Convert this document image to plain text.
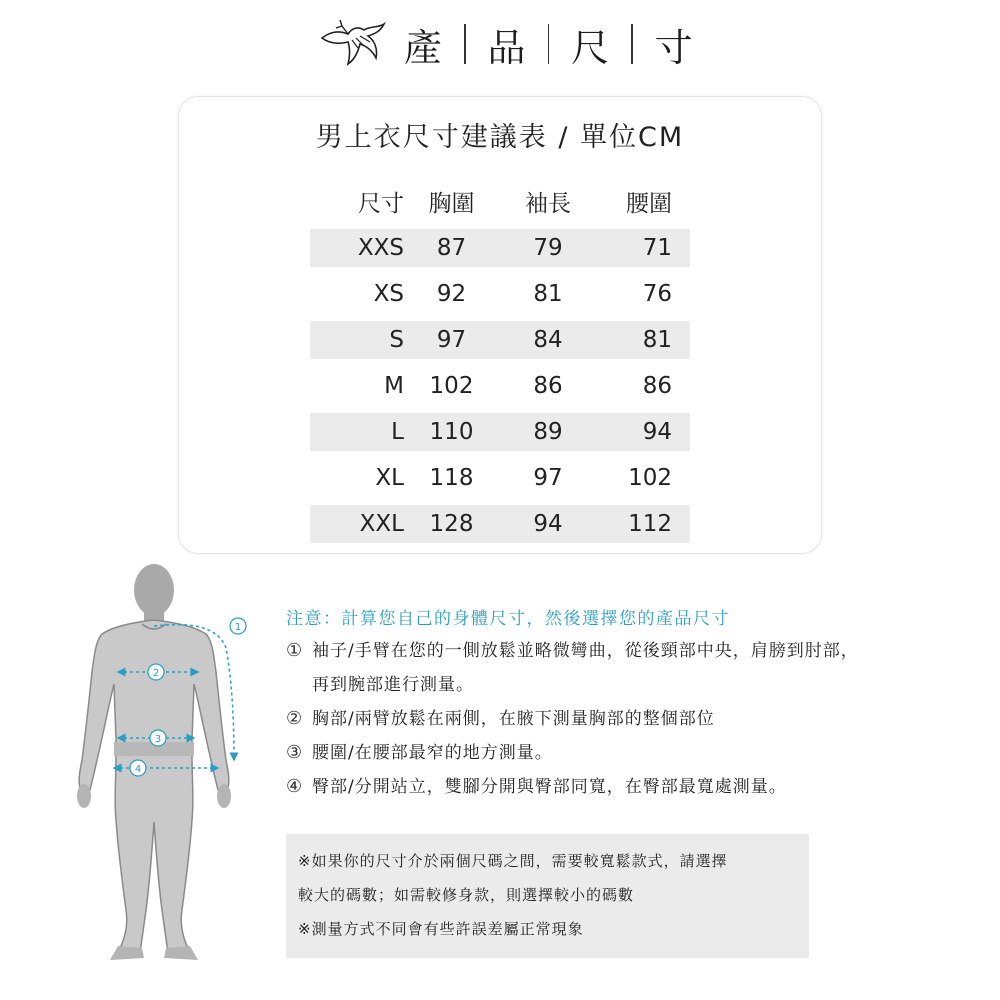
產 品 尺 寸
男上衣尺寸建議表 / 單位CM
尺寸	胸圍	袖長	腰圍
XXS	87	79	71
XS	92	81	76
S	97	84	81
M	102	86	86
L	110	89	94
XL	118	97	102
XXL	128	94	112
1
2
3
4
注意：計算您自己的身體尺寸，然後選擇您的產品尺寸
① 袖子/手臂在您的一側放鬆並略微彎曲，從後頸部中央，肩膀到肘部，
再到腕部進行測量。
② 胸部/兩臂放鬆在兩側，在腋下測量胸部的整個部位
③ 腰圍/在腰部最窄的地方測量。
④ 臀部/分開站立，雙腳分開與臀部同寬，在臀部最寬處測量。
※如果你的尺寸介於兩個尺碼之間，需要較寬鬆款式，請選擇
較大的碼數；如需較修身款，則選擇較小的碼數
※測量方式不同會有些許誤差屬正常現象
